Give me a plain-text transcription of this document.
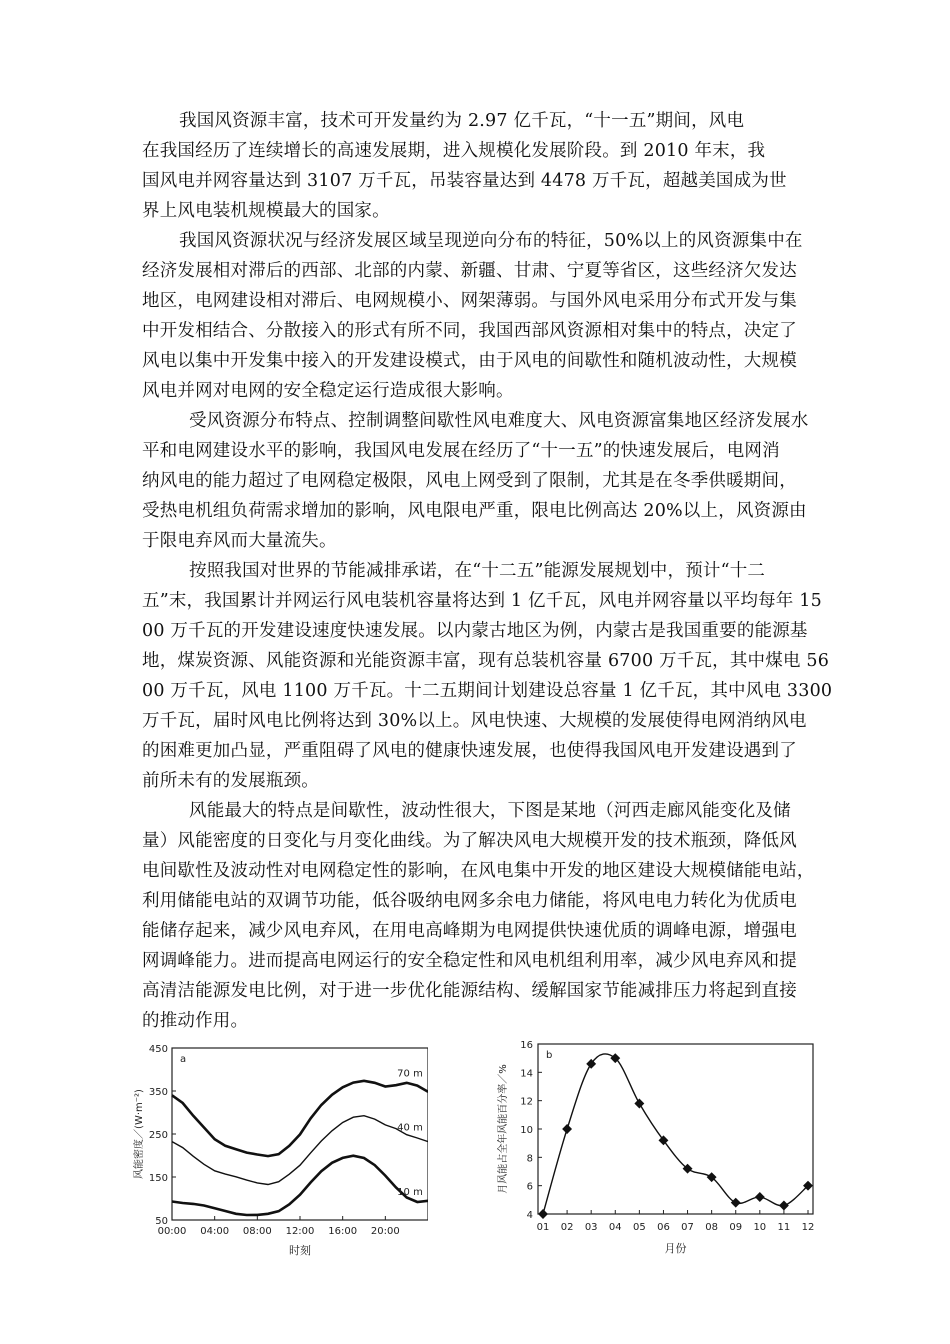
我国风资源丰富，技术可开发量约为 2.97 亿千瓦，“十一五”期间，风电
在我国经历了连续增长的高速发展期，进入规模化发展阶段。到 2010 年末，我
国风电并网容量达到 3107 万千瓦，吊装容量达到 4478 万千瓦，超越美国成为世
界上风电装机规模最大的国家。
我国风资源状况与经济发展区域呈现逆向分布的特征，50%以上的风资源集中在
经济发展相对滞后的西部、北部的内蒙、新疆、甘肃、宁夏等省区，这些经济欠发达
地区，电网建设相对滞后、电网规模小、网架薄弱。与国外风电采用分布式开发与集
中开发相结合、分散接入的形式有所不同，我国西部风资源相对集中的特点，决定了
风电以集中开发集中接入的开发建设模式，由于风电的间歇性和随机波动性，大规模
风电并网对电网的安全稳定运行造成很大影响。
受风资源分布特点、控制调整间歇性风电难度大、风电资源富集地区经济发展水
平和电网建设水平的影响，我国风电发展在经历了“十一五”的快速发展后，电网消
纳风电的能力超过了电网稳定极限，风电上网受到了限制，尤其是在冬季供暖期间，
受热电机组负荷需求增加的影响，风电限电严重，限电比例高达 20%以上，风资源由
于限电弃风而大量流失。
按照我国对世界的节能减排承诺，在“十二五”能源发展规划中，预计“十二
五”末，我国累计并网运行风电装机容量将达到 1 亿千瓦，风电并网容量以平均每年 15
00 万千瓦的开发建设速度快速发展。以内蒙古地区为例，内蒙古是我国重要的能源基
地，煤炭资源、风能资源和光能资源丰富，现有总装机容量 6700 万千瓦，其中煤电 56
00 万千瓦，风电 1100 万千瓦。十二五期间计划建设总容量 1 亿千瓦，其中风电 3300
万千瓦，届时风电比例将达到 30%以上。风电快速、大规模的发展使得电网消纳风电
的困难更加凸显，严重阻碍了风电的健康快速发展，也使得我国风电开发建设遇到了
前所未有的发展瓶颈。
风能最大的特点是间歇性，波动性很大，下图是某地（河西走廊风能变化及储
量）风能密度的日变化与月变化曲线。为了解决风电大规模开发的技术瓶颈，降低风
电间歇性及波动性对电网稳定性的影响，在风电集中开发的地区建设大规模储能电站，
利用储能电站的双调节功能，低谷吸纳电网多余电力储能，将风电电力转化为优质电
能储存起来，减少风电弃风，在用电高峰期为电网提供快速优质的调峰电源，增强电
网调峰能力。进而提高电网运行的安全稳定性和风电机组利用率，减少风电弃风和提
高清洁能源发电比例，对于进一步优化能源结构、缓解国家节能减排压力将起到直接
的推动作用。
50
150
250
350
450
00:00 04:00 08:00 12:00 16:00 20:00
时刻
风能密度／(W·m⁻²)
a
70 m
40 m
10 m
4
6
8
10
12
14
16
01 02 03 04 05 06 07 08 09 10 11 12
月份
月风能占全年风能百分率／%
b
